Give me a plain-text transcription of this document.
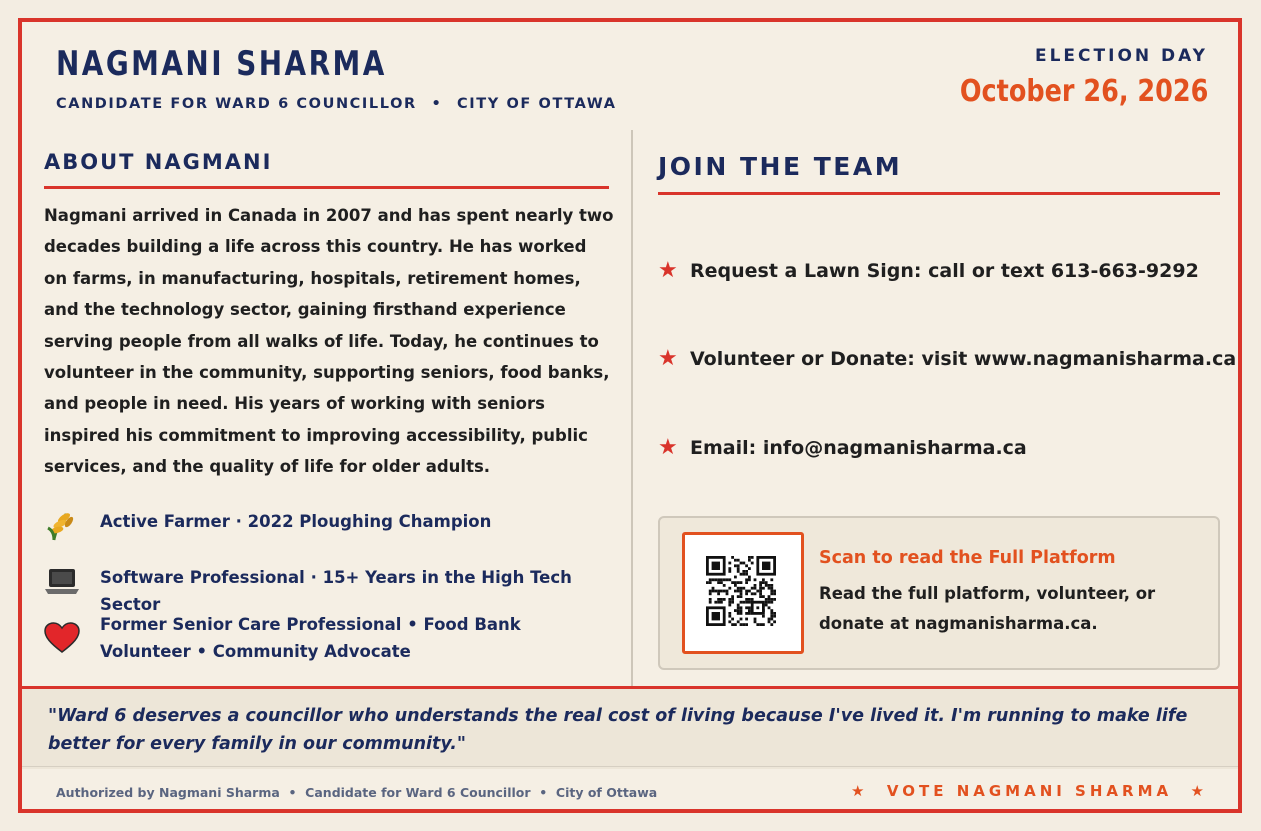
NAGMANI SHARMA
CANDIDATE FOR WARD 6 COUNCILLOR • CITY OF OTTAWA
ELECTION DAY
October 26, 2026
ABOUT NAGMANI
Nagmani arrived in Canada in 2007 and has spent nearly two decades building a life across this country. He has worked on farms, in manufacturing, hospitals, retirement homes, and the technology sector, gaining firsthand experience serving people from all walks of life. Today, he continues to volunteer in the community, supporting seniors, food banks, and people in need. His years of working with seniors inspired his commitment to improving accessibility, public services, and the quality of life for older adults.
Active Farmer · 2022 Ploughing Champion
Software Professional · 15+ Years in the High Tech Sector
Former Senior Care Professional • Food Bank Volunteer • Community Advocate
JOIN THE TEAM
★ Request a Lawn Sign: call or text 613-663-9292
★ Volunteer or Donate: visit www.nagmanisharma.ca
★ Email: info@nagmanisharma.ca
Scan to read the Full Platform
Read the full platform, volunteer, or donate at nagmanisharma.ca.
"Ward 6 deserves a councillor who understands the real cost of living because I've lived it. I'm running to make life better for every family in our community."
Authorized by Nagmani Sharma  •  Candidate for Ward 6 Councillor  •  City of Ottawa	★  VOTE NAGMANI SHARMA  ★
